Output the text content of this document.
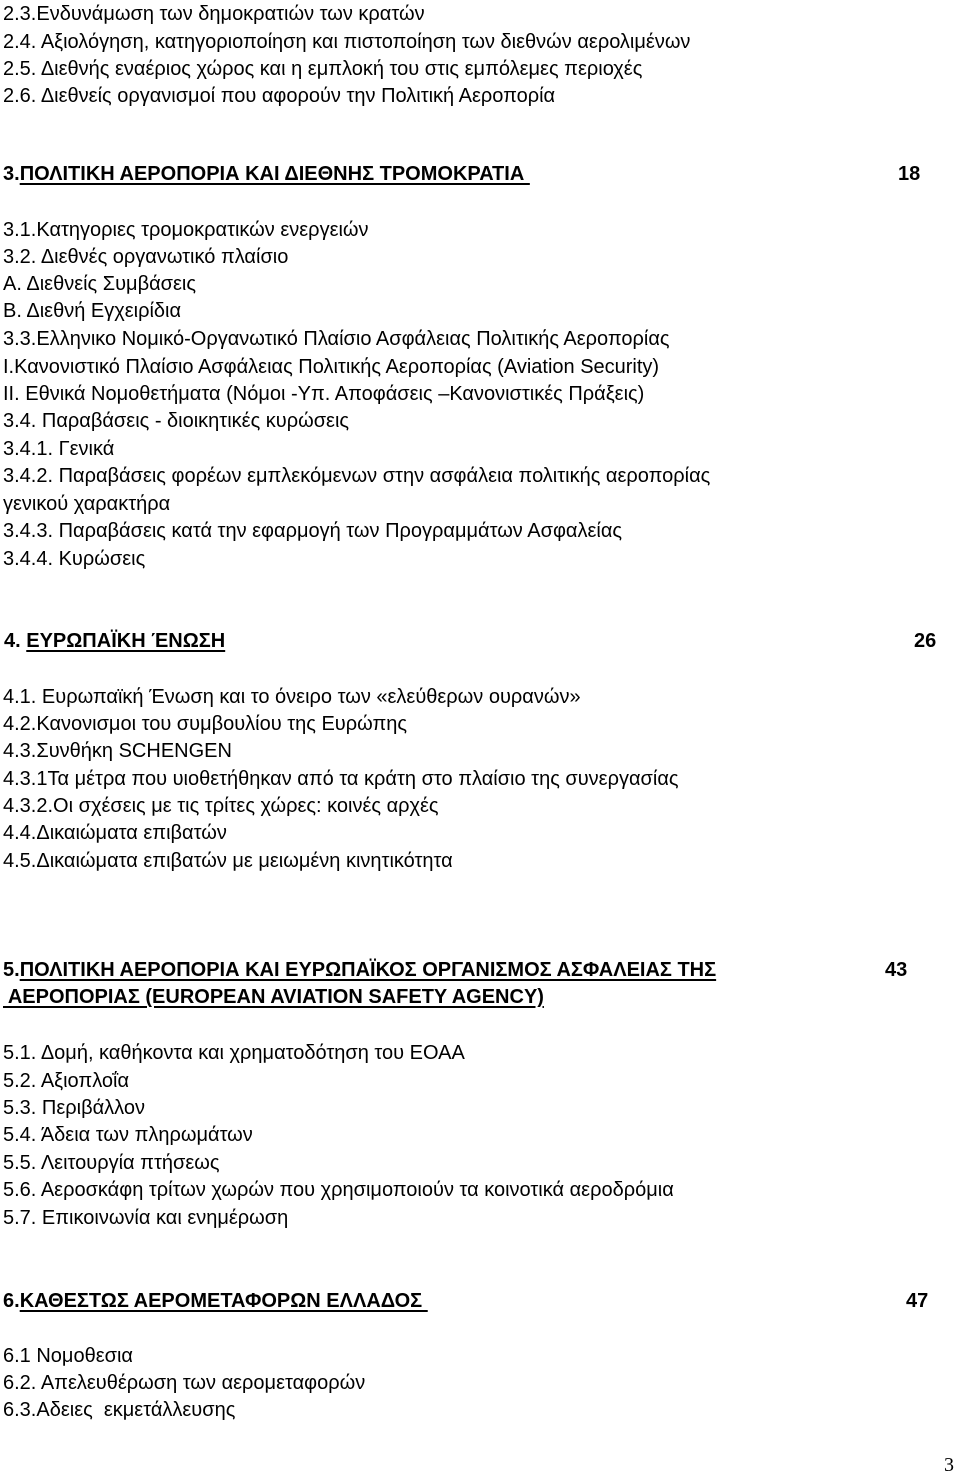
2.3.Ενδυνάμωση των δημοκρατιών των κρατών
2.4. Αξιολόγηση, κατηγοριοποίηση και πιστοποίηση των διεθνών αερολιμένων
2.5. Διεθνής εναέριος χώρος και η εμπλοκή του στις εμπόλεμες περιοχές
2.6. Διεθνείς οργανισμοί που αφορούν την Πολιτική Αεροπορία
3.ΠΟΛΙΤΙΚΗ ΑΕΡΟΠΟΡΙΑ ΚΑΙ ΔΙΕΘΝΗΣ ΤΡΟΜΟΚΡΑΤΙΑ	18
3.1.Κατηγοριες τρομοκρατικών ενεργειών
3.2. Διεθνές οργανωτικό πλαίσιο
Α. Διεθνείς Συμβάσεις
Β. Διεθνή Εγχειρίδια
3.3.Ελληνικο Νομικό-Οργανωτικό Πλαίσιο Ασφάλειας Πολιτικής Αεροπορίας
Ι.Κανονιστικό Πλαίσιο Ασφάλειας Πολιτικής Αεροπορίας (Aviation Security)
ΙΙ. Εθνικά Νομοθετήματα (Νόμοι -Υπ. Αποφάσεις –Κανονιστικές Πράξεις)
3.4. Παραβάσεις - διοικητικές κυρώσεις
3.4.1. Γενικά
3.4.2. Παραβάσεις φορέων εμπλεκόμενων στην ασφάλεια πολιτικής αεροπορίας
γενικού χαρακτήρα
3.4.3. Παραβάσεις κατά την εφαρμογή των Προγραμμάτων Ασφαλείας
3.4.4. Κυρώσεις
4. ΕΥΡΩΠΑΪΚΗ ΈΝΩΣΗ	26
4.1. Ευρωπαϊκή Ένωση και το όνειρο των «ελεύθερων ουρανών»
4.2.Κανονισμοι του συμβουλίου της Ευρώπης
4.3.Συνθήκη SCHENGEN
4.3.1Τα μέτρα που υιοθετήθηκαν από τα κράτη στο πλαίσιο της συνεργασίας
4.3.2.Οι σχέσεις με τις τρίτες χώρες: κοινές αρχές
4.4.Δικαιώματα επιβατών
4.5.Δικαιώματα επιβατών με μειωμένη κινητικότητα
5.ΠΟΛΙΤΙΚΗ ΑΕΡΟΠΟΡΙΑ ΚΑΙ ΕΥΡΩΠΑΪΚΟΣ ΟΡΓΑΝΙΣΜΟΣ ΑΣΦΑΛΕΙΑΣ ΤΗΣ	43
ΑΕΡΟΠΟΡΙΑΣ (EUROPEAN AVIATION SAFETY AGENCY)
5.1. Δομή, καθήκοντα και χρηματοδότηση του ΕΟΑΑ
5.2. Αξιοπλοΐα
5.3. Περιβάλλον
5.4. Άδεια των πληρωμάτων
5.5. Λειτουργία πτήσεως
5.6. Αεροσκάφη τρίτων χωρών που χρησιμοποιούν τα κοινοτικά αεροδρόμια
5.7. Επικοινωνία και ενημέρωση
6.ΚΑΘΕΣΤΩΣ ΑΕΡΟΜΕΤΑΦΟΡΩΝ ΕΛΛΑΔΟΣ	47
6.1 Νομοθεσια
6.2. Απελευθέρωση των αερομεταφορών
6.3.Αδειες  εκμετάλλευσης
3
